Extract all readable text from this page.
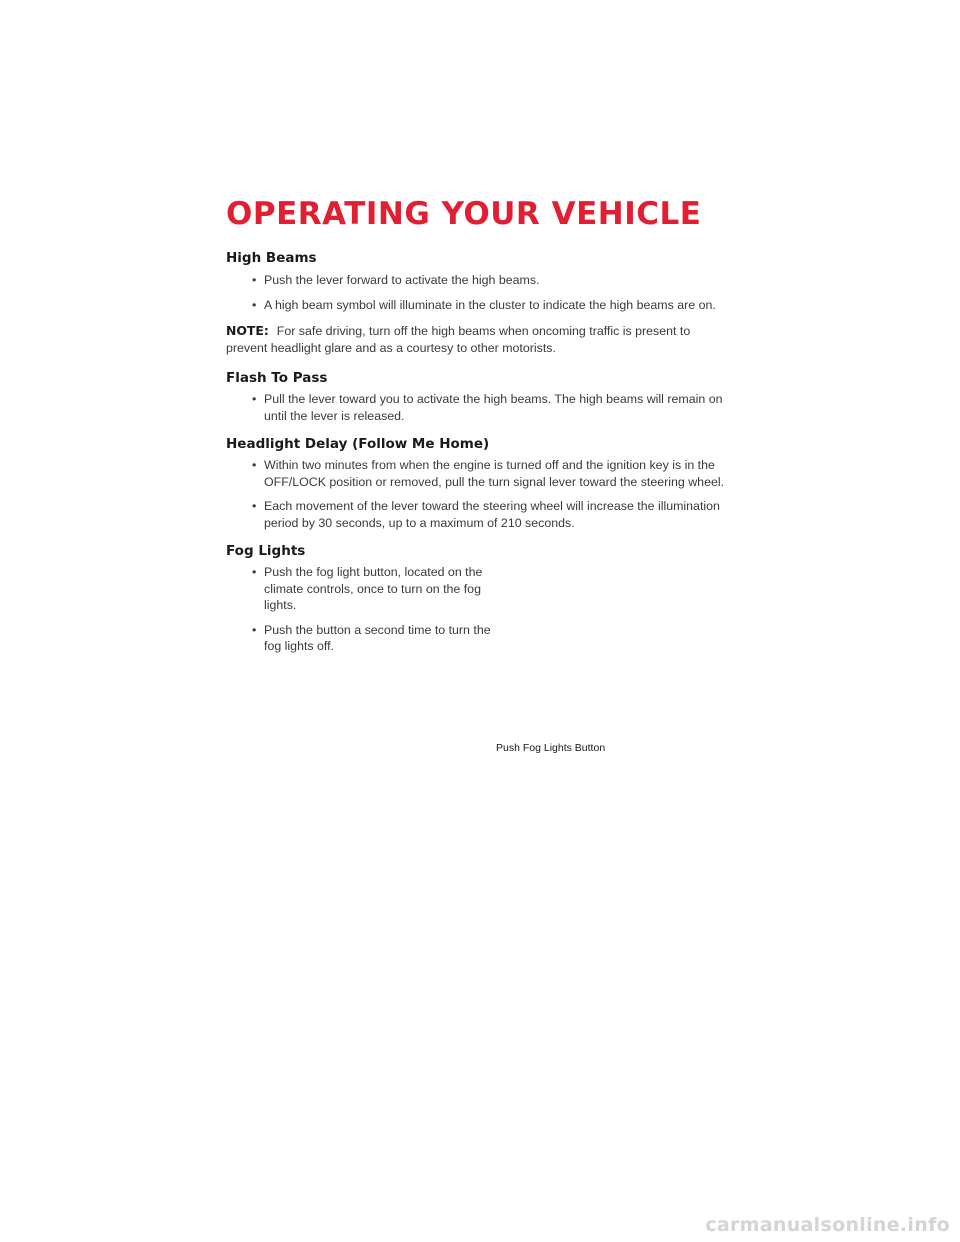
OPERATING YOUR VEHICLE
High Beams
• Push the lever forward to activate the high beams.
• A high beam symbol will illuminate in the cluster to indicate the high beams are on.

NOTE: For safe driving, turn off the high beams when oncoming traffic is present to prevent headlight glare and as a courtesy to other motorists.

Flash To Pass
• Pull the lever toward you to activate the high beams. The high beams will remain on until the lever is released.
Headlight Delay (Follow Me Home)
• Within two minutes from when the engine is turned off and the ignition key is in the OFF/LOCK position or removed, pull the turn signal lever toward the steering wheel.
• Each movement of the lever toward the steering wheel will increase the illumination period by 30 seconds, up to a maximum of 210 seconds.
Fog Lights
• Push the fog light button, located on the climate controls, once to turn on the fog lights.
• Push the button a second time to turn the fog lights off.

Push Fog Lights Button

carmanualsonline.info
